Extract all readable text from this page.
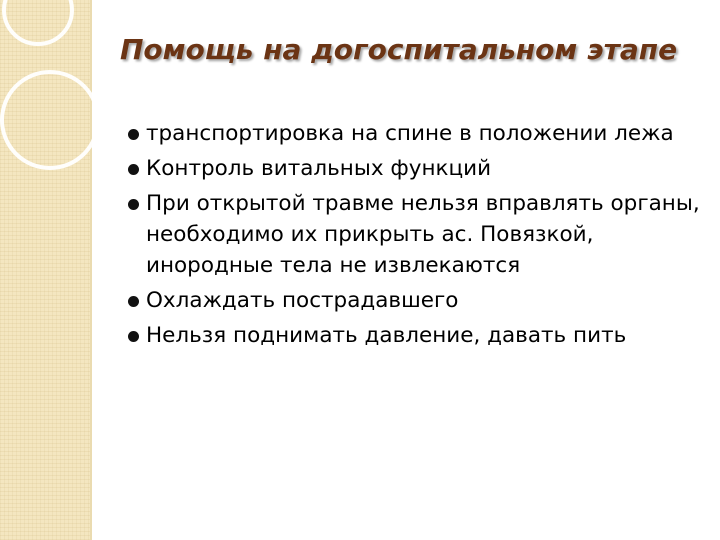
Помощь на догоспитальном этапе
транспортировка на спине в положении лежа
Контроль витальных функций
При открытой травме нельзя вправлять органы, необходимо их прикрыть ас. Повязкой, инородные тела не извлекаются
Охлаждать пострадавшего
Нельзя поднимать давление, давать пить
